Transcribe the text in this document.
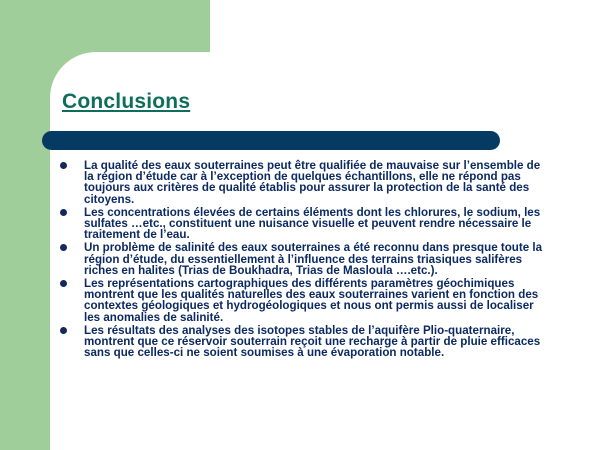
Conclusions
La qualité des eaux souterraines peut être qualifiée de mauvaise sur l’ensemble de la région d’étude car à l’exception de quelques échantillons, elle ne répond pas toujours aux critères de qualité établis pour assurer la protection de la santé des citoyens.
Les concentrations élevées de certains éléments dont les chlorures, le sodium, les sulfates …etc., constituent une nuisance visuelle et peuvent rendre nécessaire le traitement de l’eau.
Un problème de salinité des eaux souterraines a été reconnu dans presque toute la région d’étude, du essentiellement à l’influence des terrains triasiques salifères riches en halites (Trias de Boukhadra, Trias de Masloula ….etc.).
Les représentations cartographiques des différents paramètres géochimiques montrent que les qualités naturelles des eaux souterraines varient en fonction des contextes géologiques et hydrogéologiques et nous ont permis aussi de localiser les anomalies de salinité.
Les résultats des analyses des isotopes stables de l’aquifère Plio-quaternaire, montrent que ce réservoir souterrain reçoit une recharge à partir de pluie efficaces sans que celles-ci ne soient soumises à une évaporation notable.
